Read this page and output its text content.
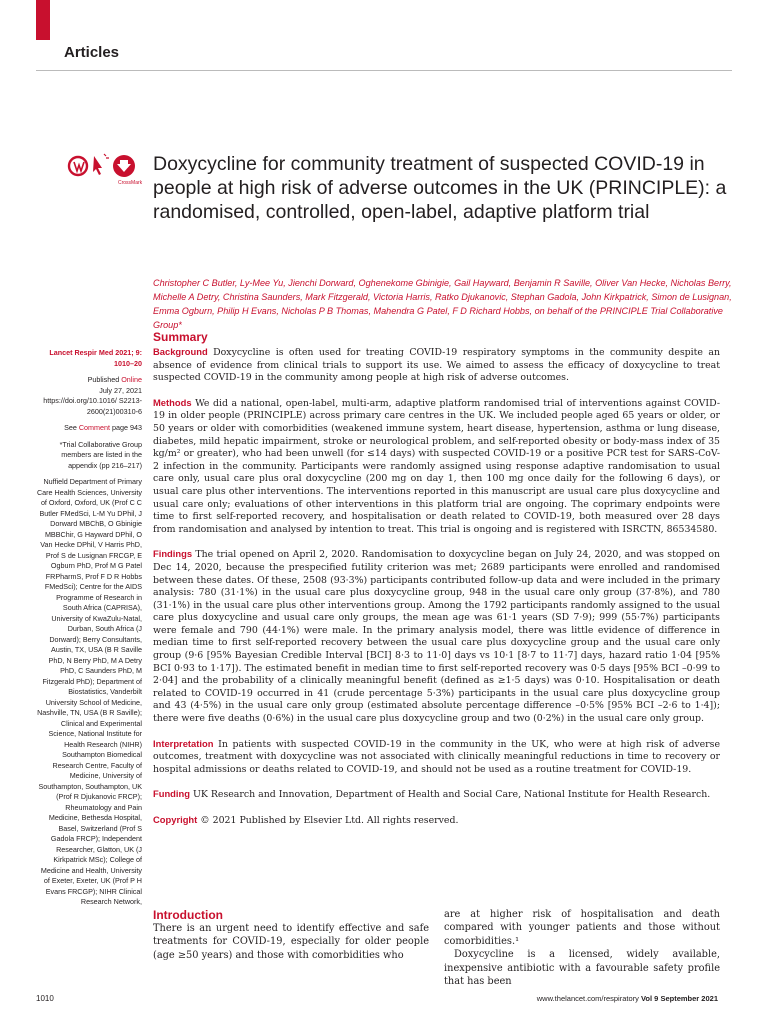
Articles
CrossMark
Doxycycline for community treatment of suspected COVID-19 in people at high risk of adverse outcomes in the UK (PRINCIPLE): a randomised, controlled, open-label, adaptive platform trial
Christopher C Butler, Ly-Mee Yu, Jienchi Dorward, Oghenekome Gbinigie, Gail Hayward, Benjamin R Saville, Oliver Van Hecke, Nicholas Berry, Michelle A Detry, Christina Saunders, Mark Fitzgerald, Victoria Harris, Ratko Djukanovic, Stephan Gadola, John Kirkpatrick, Simon de Lusignan, Emma Ogburn, Philip H Evans, Nicholas P B Thomas, Mahendra G Patel, F D Richard Hobbs, on behalf of the PRINCIPLE Trial Collaborative Group*

Lancet Respir Med 2021; 9: 1010–20

Published Online
July 27, 2021
https://doi.org/10.1016/ S2213-2600(21)00310-6

See Comment page 943

*Trial Collaborative Group members are listed in the appendix (pp 216–217)

Nuffield Department of Primary Care Health Sciences, University of Oxford, Oxford, UK (Prof C C Butler FMedSci, L-M Yu DPhil, J Dorward MBChB, O Gbinigie MBBChir, G Hayward DPhil, O Van Hecke DPhil, V Harris PhD, Prof S de Lusignan FRCGP, E Ogburn PhD, Prof M G Patel FRPharmS, Prof F D R Hobbs FMedSci); Centre for the AIDS Programme of Research in South Africa (CAPRISA), University of KwaZulu-Natal, Durban, South Africa (J Dorward); Berry Consultants, Austin, TX, USA (B R Saville PhD, N Berry PhD, M A Detry PhD, C Saunders PhD, M Fitzgerald PhD); Department of Biostatistics, Vanderbilt University School of Medicine, Nashville, TN, USA (B R Saville); Clinical and Experimental Science, National Institute for Health Research (NIHR) Southampton Biomedical Research Centre, Faculty of Medicine, University of Southampton, Southampton, UK (Prof R Djukanovic FRCP); Rheumatology and Pain Medicine, Bethesda Hospital, Basel, Switzerland (Prof S Gadola FRCP); Independent Researcher, Glatton, UK (J Kirkpatrick MSc); College of Medicine and Health, University of Exeter, Exeter, UK (Prof P H Evans FRCGP); NIHR Clinical Research Network,

Summary

Background Doxycycline is often used for treating COVID-19 respiratory symptoms in the community despite an absence of evidence from clinical trials to support its use. We aimed to assess the efficacy of doxycycline to treat suspected COVID-19 in the community among people at high risk of adverse outcomes.

Methods We did a national, open-label, multi-arm, adaptive platform randomised trial of interventions against COVID-19 in older people (PRINCIPLE) across primary care centres in the UK. We included people aged 65 years or older, or 50 years or older with comorbidities (weakened immune system, heart disease, hypertension, asthma or lung disease, diabetes, mild hepatic impairment, stroke or neurological problem, and self-reported obesity or body-mass index of 35 kg/m² or greater), who had been unwell (for ≤14 days) with suspected COVID-19 or a positive PCR test for SARS-CoV-2 infection in the community. Participants were randomly assigned using response adaptive randomisation to usual care only, usual care plus oral doxycycline (200 mg on day 1, then 100 mg once daily for the following 6 days), or usual care plus other interventions. The interventions reported in this manuscript are usual care plus doxycycline and usual care only; evaluations of other interventions in this platform trial are ongoing. The coprimary endpoints were time to first self-reported recovery, and hospitalisation or death related to COVID-19, both measured over 28 days from randomisation and analysed by intention to treat. This trial is ongoing and is registered with ISRCTN, 86534580.

Findings The trial opened on April 2, 2020. Randomisation to doxycycline began on July 24, 2020, and was stopped on Dec 14, 2020, because the prespecified futility criterion was met; 2689 participants were enrolled and randomised between these dates. Of these, 2508 (93·3%) participants contributed follow-up data and were included in the primary analysis: 780 (31·1%) in the usual care plus doxycycline group, 948 in the usual care only group (37·8%), and 780 (31·1%) in the usual care plus other interventions group. Among the 1792 participants randomly assigned to the usual care plus doxycycline and usual care only groups, the mean age was 61·1 years (SD 7·9); 999 (55·7%) participants were female and 790 (44·1%) were male. In the primary analysis model, there was little evidence of difference in median time to first self-reported recovery between the usual care plus doxycycline group and the usual care only group (9·6 [95% Bayesian Credible Interval [BCI] 8·3 to 11·0] days vs 10·1 [8·7 to 11·7] days, hazard ratio 1·04 [95% BCI 0·93 to 1·17]). The estimated benefit in median time to first self-reported recovery was 0·5 days [95% BCI –0·99 to 2·04] and the probability of a clinically meaningful benefit (defined as ≥1·5 days) was 0·10. Hospitalisation or death related to COVID-19 occurred in 41 (crude percentage 5·3%) participants in the usual care plus doxycycline group and 43 (4·5%) in the usual care only group (estimated absolute percentage difference –0·5% [95% BCI –2·6 to 1·4]); there were five deaths (0·6%) in the usual care plus doxycycline group and two (0·2%) in the usual care only group.

Interpretation In patients with suspected COVID-19 in the community in the UK, who were at high risk of adverse outcomes, treatment with doxycycline was not associated with clinically meaningful reductions in time to recovery or hospital admissions or deaths related to COVID-19, and should not be used as a routine treatment for COVID-19.

Funding UK Research and Innovation, Department of Health and Social Care, National Institute for Health Research.

Copyright © 2021 Published by Elsevier Ltd. All rights reserved.

Introduction
There is an urgent need to identify effective and safe treatments for COVID-19, especially for older people (age ≥50 years) and those with comorbidities who

are at higher risk of hospitalisation and death compared with younger patients and those without comorbidities.¹

Doxycycline is a licensed, widely available, inexpensive antibiotic with a favourable safety profile that has been

1010	www.thelancet.com/respiratory Vol 9 September 2021
